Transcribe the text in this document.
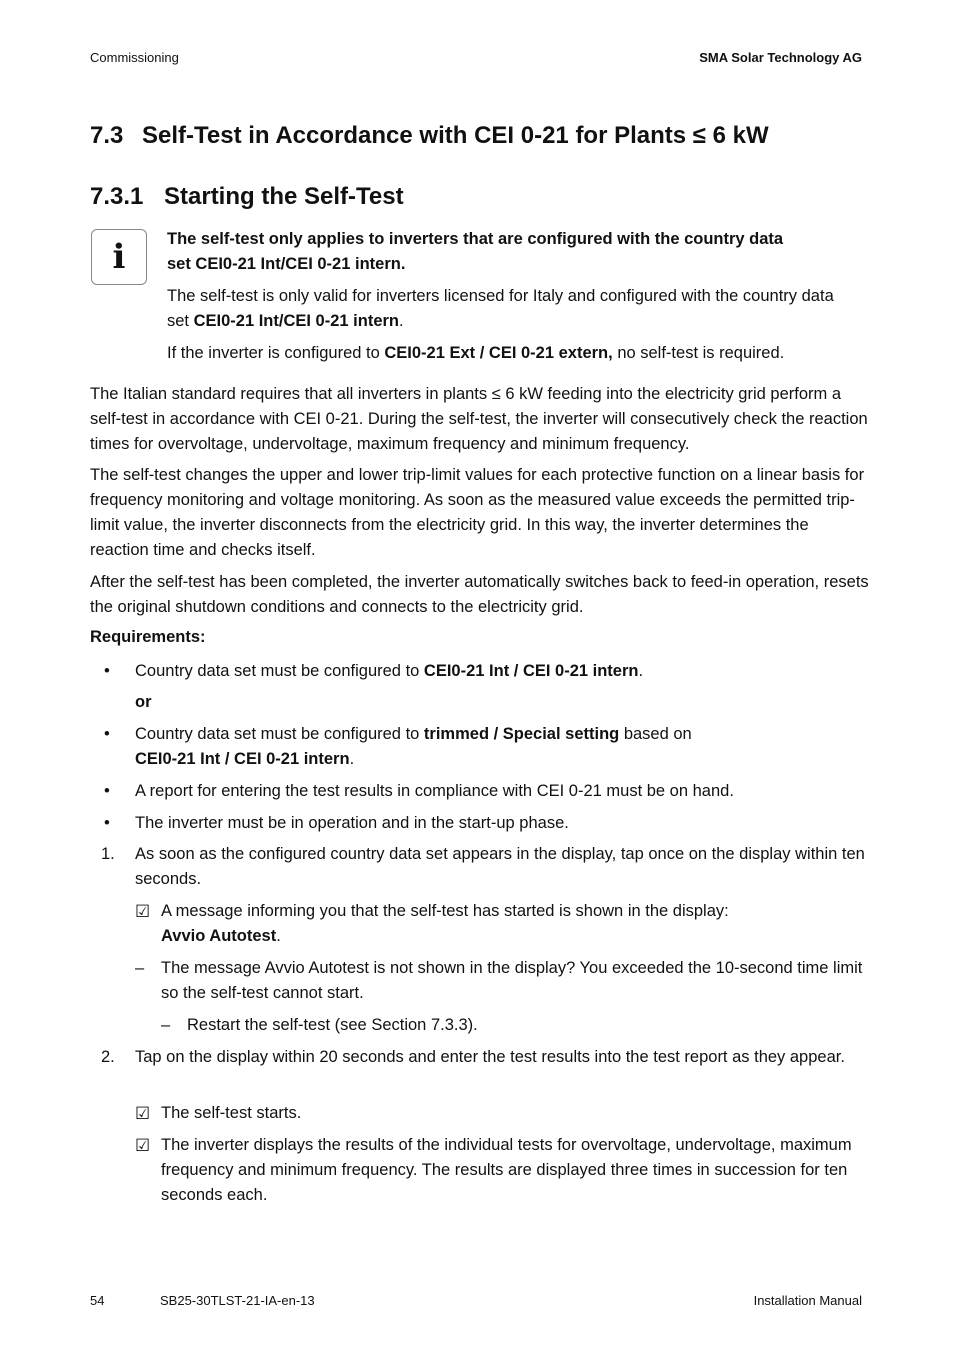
Commissioning	SMA Solar Technology AG
7.3 Self-Test in Accordance with CEI 0-21 for Plants ≤ 6 kW
7.3.1 Starting the Self-Test
i	The self-test only applies to inverters that are configured with the country data
set CEI0-21 Int/CEI 0-21 intern.
The self-test is only valid for inverters licensed for Italy and configured with the country data
set CEI0-21 Int/CEI 0-21 intern.
If the inverter is configured to CEI0-21 Ext / CEI 0-21 extern, no self-test is required.
The Italian standard requires that all inverters in plants ≤ 6 kW feeding into the electricity grid perform a self-test in accordance with CEI 0-21. During the self-test, the inverter will consecutively check the reaction times for overvoltage, undervoltage, maximum frequency and minimum frequency.
The self-test changes the upper and lower trip-limit values for each protective function on a linear basis for frequency monitoring and voltage monitoring. As soon as the measured value exceeds the permitted trip-limit value, the inverter disconnects from the electricity grid. In this way, the inverter determines the reaction time and checks itself.
After the self-test has been completed, the inverter automatically switches back to feed-in operation, resets the original shutdown conditions and connects to the electricity grid.
Requirements:
• Country data set must be configured to CEI0-21 Int / CEI 0-21 intern.
or
• Country data set must be configured to trimmed / Special setting based on
CEI0-21 Int / CEI 0-21 intern.
• A report for entering the test results in compliance with CEI 0-21 must be on hand.
• The inverter must be in operation and in the start-up phase.
1. As soon as the configured country data set appears in the display, tap once on the display within ten seconds.
☑ A message informing you that the self-test has started is shown in the display:
Avvio Autotest.
– The message Avvio Autotest is not shown in the display? You exceeded the 10-second time limit so the self-test cannot start.
– Restart the self-test (see Section 7.3.3).
2. Tap on the display within 20 seconds and enter the test results into the test report as they appear.
☑ The self-test starts.
☑ The inverter displays the results of the individual tests for overvoltage, undervoltage, maximum frequency and minimum frequency. The results are displayed three times in succession for ten seconds each.
54	SB25-30TLST-21-IA-en-13	Installation Manual
